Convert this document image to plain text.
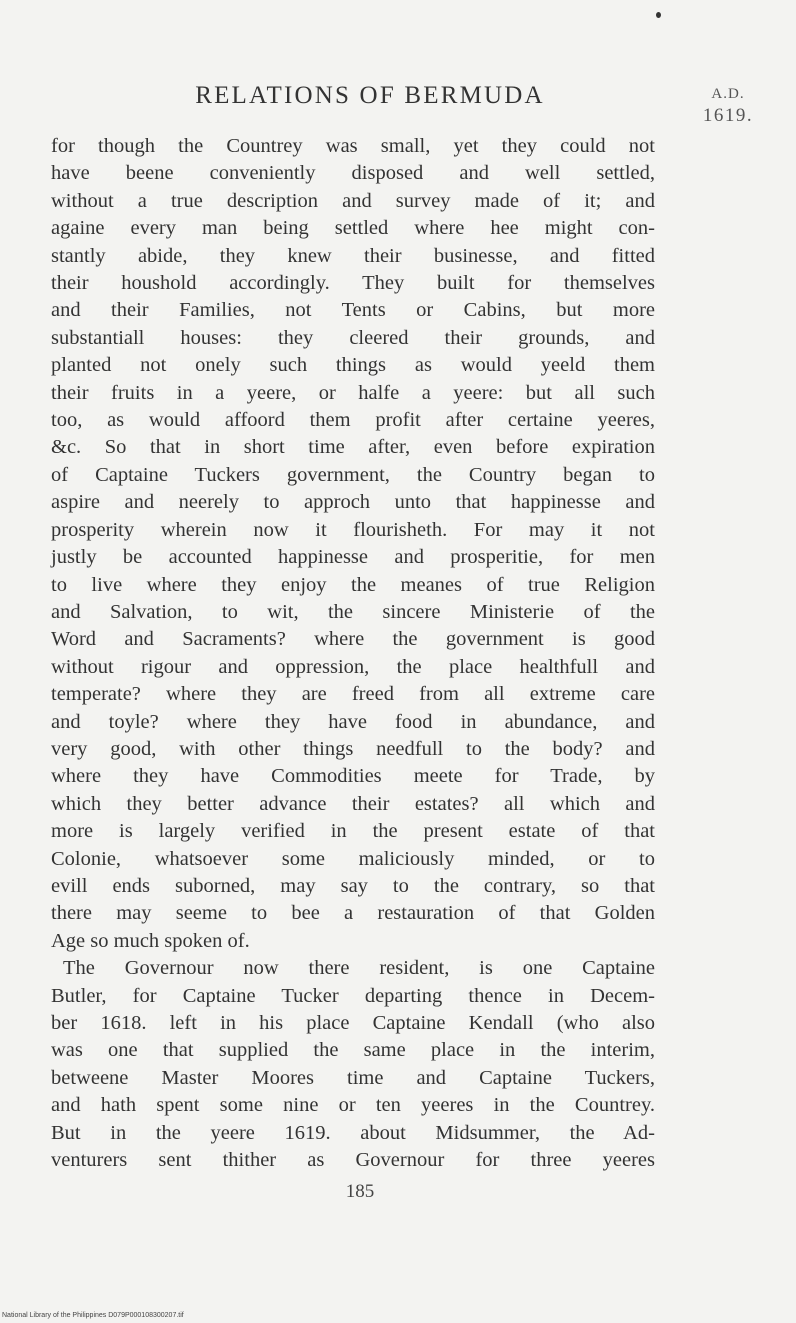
RELATIONS OF BERMUDA	A.D.
1619.
for though the Countrey was small, yet they could not
have beene conveniently disposed and well settled,
without a true description and survey made of it; and
againe every man being settled where hee might con-
stantly abide, they knew their businesse, and fitted
their houshold accordingly. They built for themselves
and their Families, not Tents or Cabins, but more
substantiall houses: they cleered their grounds, and
planted not onely such things as would yeeld them
their fruits in a yeere, or halfe a yeere: but all such
too, as would affoord them profit after certaine yeeres,
&c. So that in short time after, even before expiration
of Captaine Tuckers government, the Country began to
aspire and neerely to approch unto that happinesse and
prosperity wherein now it flourisheth. For may it not
justly be accounted happinesse and prosperitie, for men
to live where they enjoy the meanes of true Religion
and Salvation, to wit, the sincere Ministerie of the
Word and Sacraments? where the government is good
without rigour and oppression, the place healthfull and
temperate? where they are freed from all extreme care
and toyle? where they have food in abundance, and
very good, with other things needfull to the body? and
where they have Commodities meete for Trade, by
which they better advance their estates? all which and
more is largely verified in the present estate of that
Colonie, whatsoever some maliciously minded, or to
evill ends suborned, may say to the contrary, so that
there may seeme to bee a restauration of that Golden
Age so much spoken of.
The Governour now there resident, is one Captaine
Butler, for Captaine Tucker departing thence in Decem-
ber 1618. left in his place Captaine Kendall (who also
was one that supplied the same place in the interim,
betweene Master Moores time and Captaine Tuckers,
and hath spent some nine or ten yeeres in the Countrey.
But in the yeere 1619. about Midsummer, the Ad-
venturers sent thither as Governour for three yeeres
185
National Library of the Philippines D079P000108300207.tif
